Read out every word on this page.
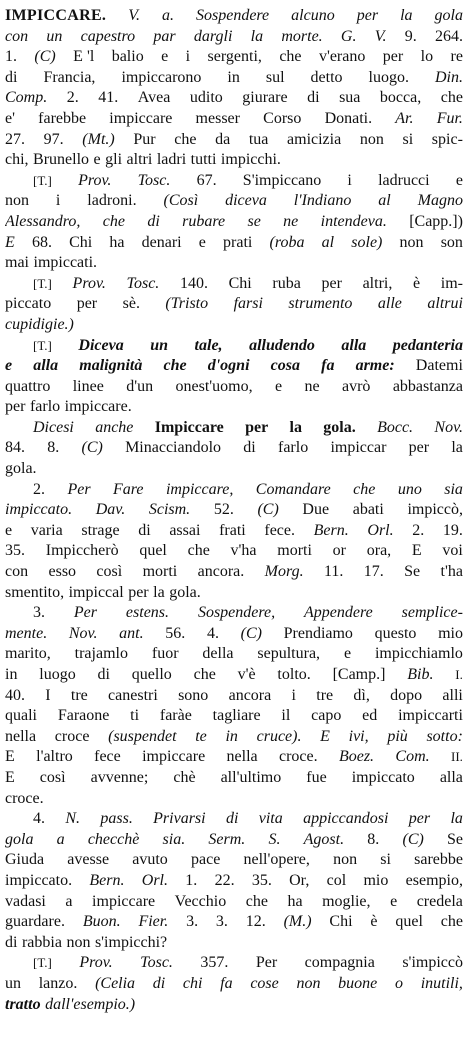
IMPICCARE. V. a. Sospendere alcuno per la gola
con un capestro par dargli la morte. G. V. 9. 264.
1. (C) E 'l balio e i sergenti, che v'erano per lo re
di Francia, impiccarono in sul detto luogo. Din.
Comp. 2. 41. Avea udito giurare di sua bocca, che
e' farebbe impiccare messer Corso Donati. Ar. Fur.
27. 97. (Mt.) Pur che da tua amicizia non si spic-
chi, Brunello e gli altri ladri tutti impicchi.
[T.] Prov. Tosc. 67. S'impiccano i ladrucci e
non i ladroni. (Così diceva l'Indiano al Magno
Alessandro, che di rubare se ne intendeva. [Capp.])
E 68. Chi ha denari e prati (roba al sole) non son
mai impiccati.
[T.] Prov. Tosc. 140. Chi ruba per altri, è im-
piccato per sè. (Tristo farsi strumento alle altrui
cupidigie.)
[T.] Diceva un tale, alludendo alla pedanteria
e alla malignità che d'ogni cosa fa arme: Datemi
quattro linee d'un onest'uomo, e ne avrò abbastanza
per farlo impiccare.
Dicesi anche Impiccare per la gola. Bocc. Nov.
84. 8. (C) Minacciandolo di farlo impiccar per la
gola.
2. Per Fare impiccare, Comandare che uno sia
impiccato. Dav. Scism. 52. (C) Due abati impiccò,
e varia strage di assai frati fece. Bern. Orl. 2. 19.
35. Impiccherò quel che v'ha morti or ora, E voi
con esso così morti ancora. Morg. 11. 17. Se t'ha
smentito, impiccal per la gola.
3. Per estens. Sospendere, Appendere semplice-
mente. Nov. ant. 56. 4. (C) Prendiamo questo mio
marito, trajamlo fuor della sepultura, e impicchiamlo
in luogo di quello che v'è tolto. [Camp.] Bib. I.
40. I tre canestri sono ancora i tre dì, dopo alli
quali Faraone ti faràe tagliare il capo ed impiccarti
nella croce (suspendet te in cruce). E ivi, più sotto:
E l'altro fece impiccare nella croce. Boez. Com. II.
E così avvenne; chè all'ultimo fue impiccato alla
croce.
4. N. pass. Privarsi di vita appiccandosi per la
gola a checchè sia. Serm. S. Agost. 8. (C) Se
Giuda avesse avuto pace nell'opere, non si sarebbe
impiccato. Bern. Orl. 1. 22. 35. Or, col mio esempio,
vadasi a impiccare Vecchio che ha moglie, e credela
guardare. Buon. Fier. 3. 3. 12. (M.) Chi è quel che
di rabbia non s'impicchi?
[T.] Prov. Tosc. 357. Per compagnia s'impiccò
un lanzo. (Celia di chi fa cose non buone o inutili,
tratto dall'esempio.)
